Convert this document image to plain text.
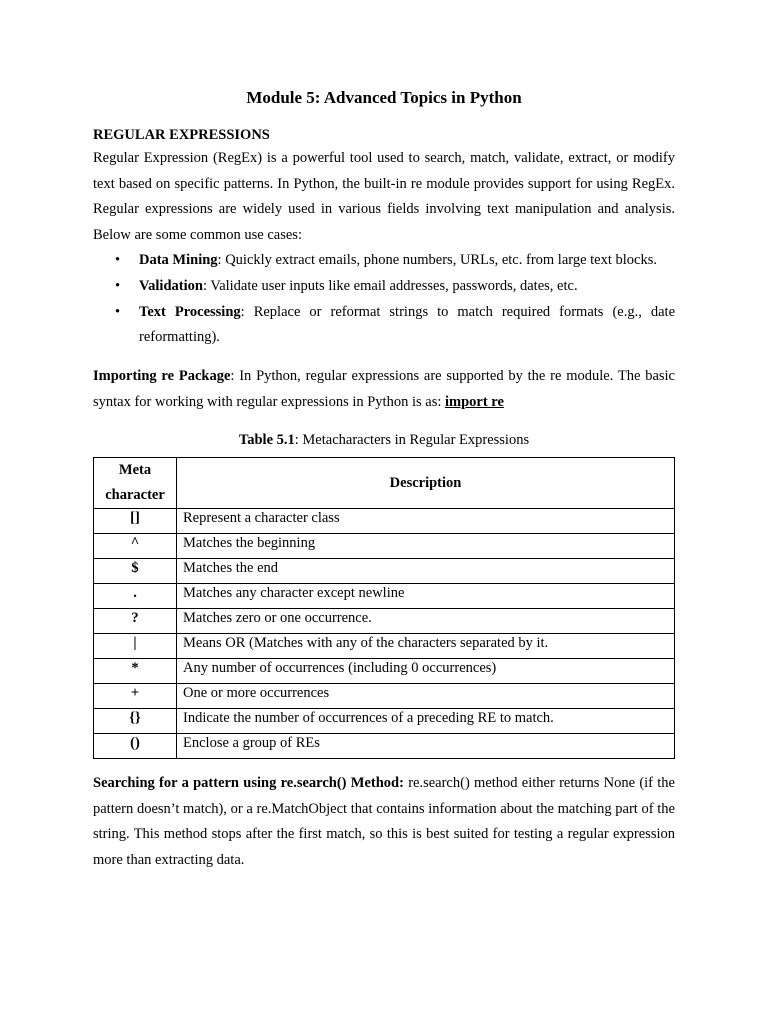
Module 5: Advanced Topics in Python
REGULAR EXPRESSIONS

Regular Expression (RegEx) is a powerful tool used to search, match, validate, extract, or modify text based on specific patterns. In Python, the built-in re module provides support for using RegEx. Regular expressions are widely used in various fields involving text manipulation and analysis. Below are some common use cases:

• Data Mining: Quickly extract emails, phone numbers, URLs, etc. from large text blocks.
• Validation: Validate user inputs like email addresses, passwords, dates, etc.
• Text Processing: Replace or reformat strings to match required formats (e.g., date reformatting).

Importing re Package: In Python, regular expressions are supported by the re module. The basic syntax for working with regular expressions in Python is as: import re

Table 5.1: Metacharacters in Regular Expressions
Meta
character	Description
[]	Represent a character class
^	Matches the beginning
$	Matches the end
.	Matches any character except newline
?	Matches zero or one occurrence.
|	Means OR (Matches with any of the characters separated by it.
*	Any number of occurrences (including 0 occurrences)
+	One or more occurrences
{}	Indicate the number of occurrences of a preceding RE to match.
()	Enclose a group of REs

Searching for a pattern using re.search() Method: re.search() method either returns None (if the pattern doesn’t match), or a re.MatchObject that contains information about the matching part of the string. This method stops after the first match, so this is best suited for testing a regular expression more than extracting data.
